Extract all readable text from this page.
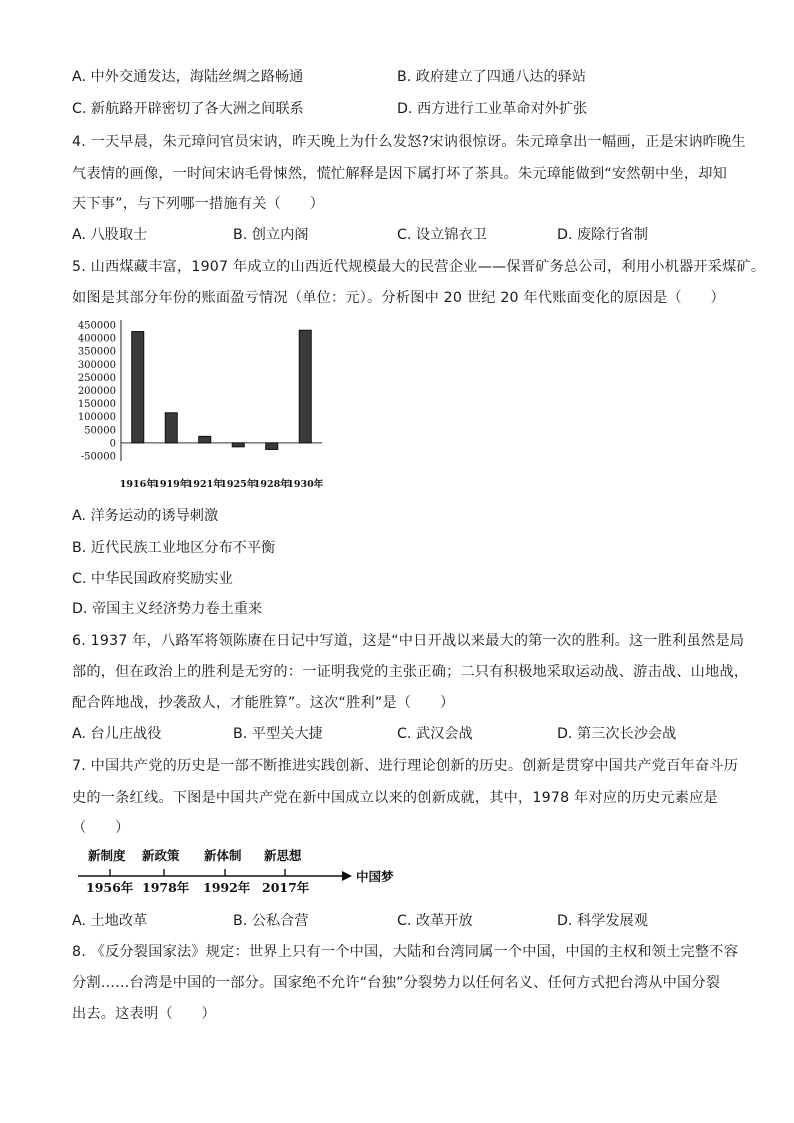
A. 中外交通发达，海陆丝绸之路畅通	B. 政府建立了四通八达的驿站
C. 新航路开辟密切了各大洲之间联系	D. 西方进行工业革命对外扩张
4. 一天早晨，朱元璋问官员宋讷，昨天晚上为什么发怒?宋讷很惊讶。朱元璋拿出一幅画，正是宋讷昨晚生
气表情的画像，一时间宋讷毛骨悚然，慌忙解释是因下属打坏了茶具。朱元璋能做到“安然朝中坐，却知
天下事”，与下列哪一措施有关（　　）
A. 八股取士	B. 创立内阁	C. 设立锦衣卫	D. 废除行省制
5. 山西煤藏丰富，1907 年成立的山西近代规模最大的民营企业——保晋矿务总公司，利用小机器开采煤矿。
如图是其部分年份的账面盈亏情况（单位：元）。分析图中 20 世纪 20 年代账面变化的原因是（　　）
450000
400000
350000
300000
250000
200000
150000
100000
50000
0
-50000
1916年
1919年
1921年
1925年
1928年
1930年
A. 洋务运动的诱导刺激
B. 近代民族工业地区分布不平衡
C. 中华民国政府奖励实业
D. 帝国主义经济势力卷土重来
6. 1937 年，八路军将领陈赓在日记中写道，这是“中日开战以来最大的第一次的胜利。这一胜利虽然是局
部的，但在政治上的胜利是无穷的：一证明我党的主张正确；二只有积极地采取运动战、游击战、山地战，
配合阵地战，抄袭敌人，才能胜算”。这次“胜利”是（　　）
A. 台儿庄战役	B. 平型关大捷	C. 武汉会战	D. 第三次长沙会战
7. 中国共产党的历史是一部不断推进实践创新、进行理论创新的历史。创新是贯穿中国共产党百年奋斗历
史的一条红线。下图是中国共产党在新中国成立以来的创新成就，其中，1978 年对应的历史元素应是
（　　）
新制度 新政策 新体制 新思想
1956年 1978年 1992年 2017年
中国梦
A. 土地改革	B. 公私合营	C. 改革开放	D. 科学发展观
8. 《反分裂国家法》规定：世界上只有一个中国，大陆和台湾同属一个中国，中国的主权和领土完整不容
分割……台湾是中国的一部分。国家绝不允许“台独”分裂势力以任何名义、任何方式把台湾从中国分裂
出去。这表明（　　）
